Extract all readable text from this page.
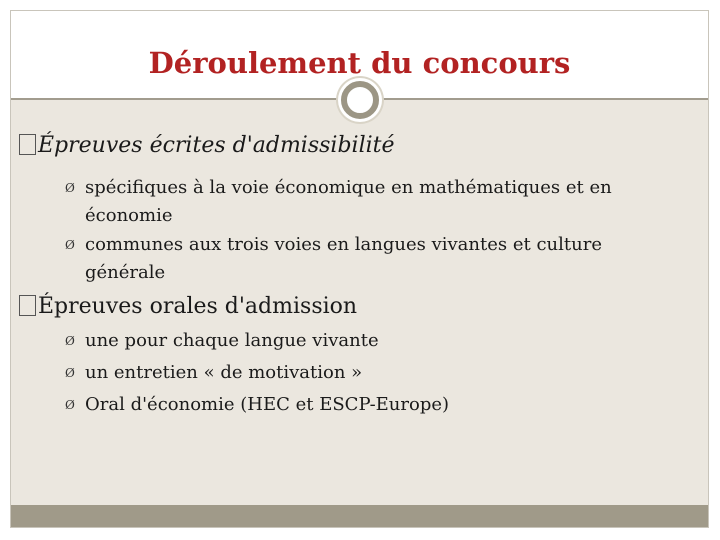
Déroulement du concours
Épreuves écrites d'admissibilité
Ø spécifiques à la voie économique en mathématiques et en économie
Ø communes aux trois voies en langues vivantes et culture générale
Épreuves orales d'admission
Ø une pour chaque langue vivante
Ø un entretien « de motivation »
Ø Oral d'économie (HEC et ESCP-Europe)
